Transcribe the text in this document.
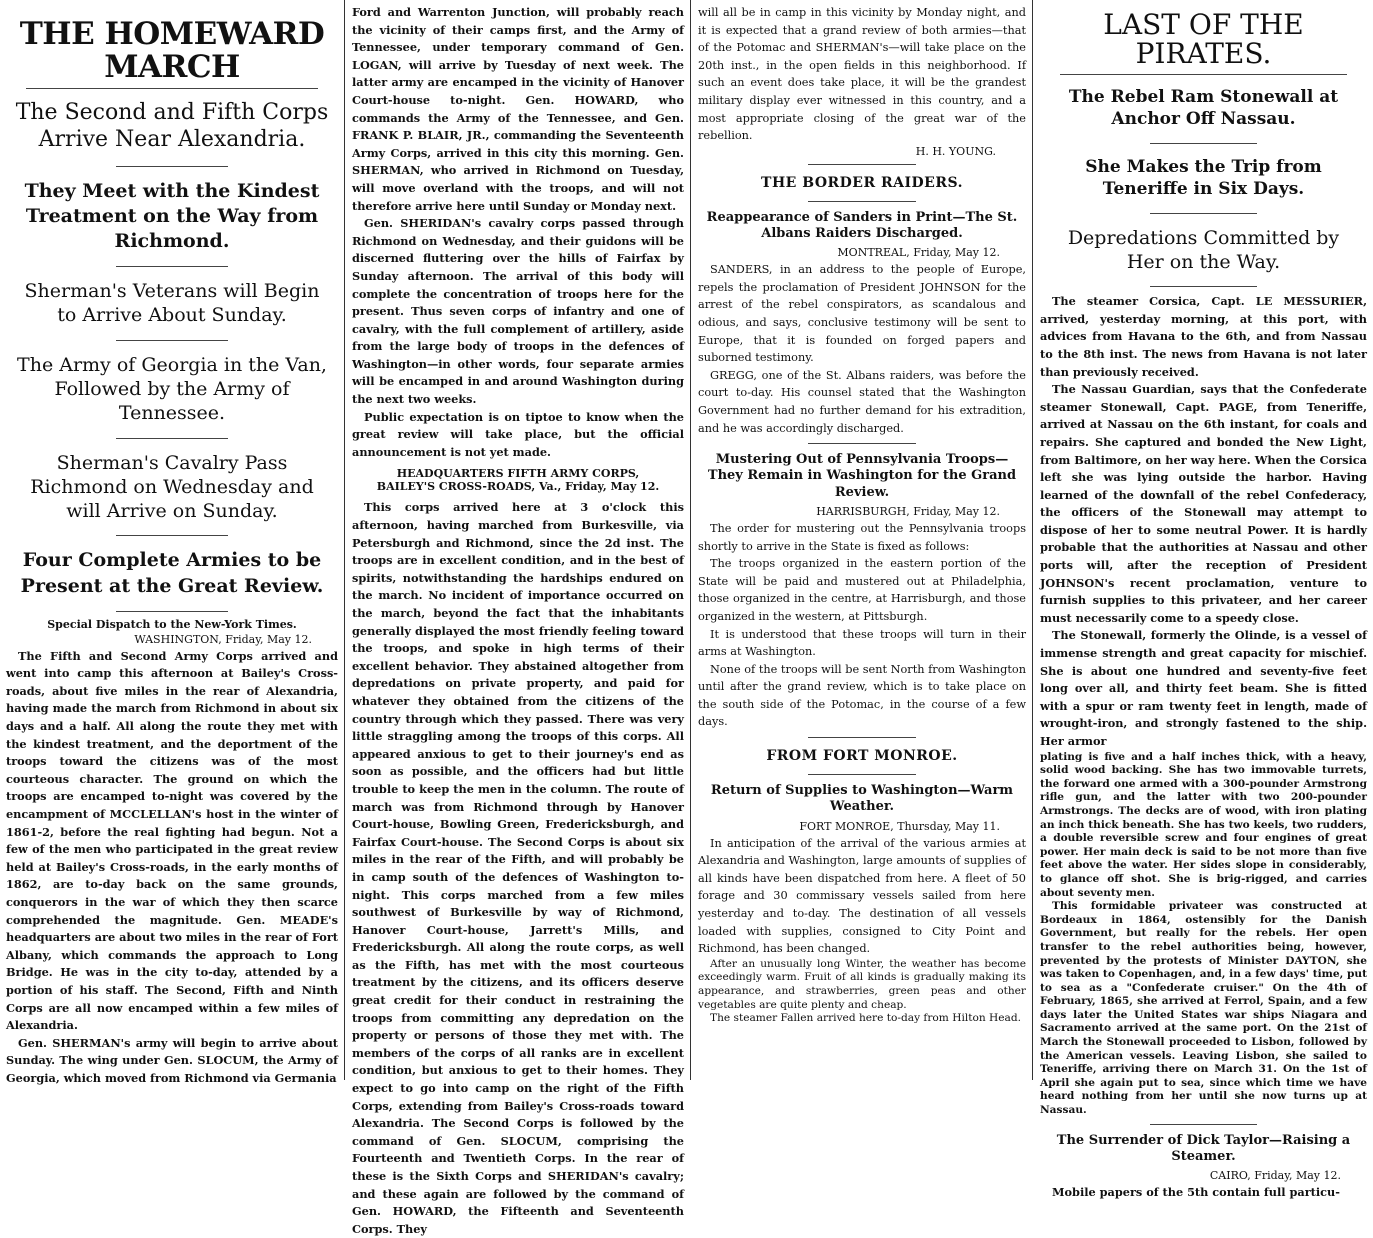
THE HOMEWARD MARCH
The Second and Fifth Corps Arrive Near Alexandria.
They Meet with the Kindest Treatment on the Way from Richmond.
Sherman's Veterans will Begin to Arrive About Sunday.
The Army of Georgia in the Van, Followed by the Army of Tennessee.
Sherman's Cavalry Pass Richmond on Wednesday and will Arrive on Sunday.
Four Complete Armies to be Present at the Great Review.
Special Dispatch to the New-York Times.
WASHINGTON, Friday, May 12.

The Fifth and Second Army Corps arrived and went into camp this afternoon at Bailey's Cross-roads, about five miles in the rear of Alexandria, having made the march from Richmond in about six days and a half. All along the route they met with the kindest treatment, and the deportment of the troops toward the citizens was of the most courteous character. The ground on which the troops are encamped to-night was covered by the encampment of MCCLELLAN's host in the winter of 1861-2, before the real fighting had begun. Not a few of the men who participated in the great review held at Bailey's Cross-roads, in the early months of 1862, are to-day back on the same grounds, conquerors in the war of which they then scarce comprehended the magnitude. Gen. MEADE's headquarters are about two miles in the rear of Fort Albany, which commands the approach to Long Bridge. He was in the city to-day, attended by a portion of his staff. The Second, Fifth and Ninth Corps are all now encamped within a few miles of Alexandria.

Gen. SHERMAN's army will begin to arrive about Sunday. The wing under Gen. SLOCUM, the Army of Georgia, which moved from Richmond via Germania

Ford and Warrenton Junction, will probably reach the vicinity of their camps first, and the Army of Tennessee, under temporary command of Gen. LOGAN, will arrive by Tuesday of next week. The latter army are encamped in the vicinity of Hanover Court-house to-night. Gen. HOWARD, who commands the Army of the Tennessee, and Gen. FRANK P. BLAIR, JR., commanding the Seventeenth Army Corps, arrived in this city this morning. Gen. SHERMAN, who arrived in Richmond on Tuesday, will move overland with the troops, and will not therefore arrive here until Sunday or Monday next.

Gen. SHERIDAN's cavalry corps passed through Richmond on Wednesday, and their guidons will be discerned fluttering over the hills of Fairfax by Sunday afternoon. The arrival of this body will complete the concentration of troops here for the present. Thus seven corps of infantry and one of cavalry, with the full complement of artillery, aside from the large body of troops in the defences of Washington—in other words, four separate armies will be encamped in and around Washington during the next two weeks.

Public expectation is on tiptoe to know when the great review will take place, but the official announcement is not yet made.

HEADQUARTERS FIFTH ARMY CORPS, BAILEY'S CROSS-ROADS, Va., Friday, May 12.

This corps arrived here at 3 o'clock this afternoon, having marched from Burkesville, via Petersburgh and Richmond, since the 2d inst. The troops are in excellent condition, and in the best of spirits, notwithstanding the hardships endured on the march. No incident of importance occurred on the march, beyond the fact that the inhabitants generally displayed the most friendly feeling toward the troops, and spoke in high terms of their excellent behavior. They abstained altogether from depredations on private property, and paid for whatever they obtained from the citizens of the country through which they passed. There was very little straggling among the troops of this corps. All appeared anxious to get to their journey's end as soon as possible, and the officers had but little trouble to keep the men in the column. The route of march was from Richmond through by Hanover Court-house, Bowling Green, Fredericksburgh, and Fairfax Court-house. The Second Corps is about six miles in the rear of the Fifth, and will probably be in camp south of the defences of Washington to-night. This corps marched from a few miles southwest of Burkesville by way of Richmond, Hanover Court-house, Jarrett's Mills, and Fredericksburgh. All along the route corps, as well as the Fifth, has met with the most courteous treatment by the citizens, and its officers deserve great credit for their conduct in restraining the troops from committing any depredation on the property or persons of those they met with. The members of the corps of all ranks are in excellent condition, but anxious to get to their homes. They expect to go into camp on the right of the Fifth Corps, extending from Bailey's Cross-roads toward Alexandria. The Second Corps is followed by the command of Gen. SLOCUM, comprising the Fourteenth and Twentieth Corps. In the rear of these is the Sixth Corps and SHERIDAN's cavalry; and these again are followed by the command of Gen. HOWARD, the Fifteenth and Seventeenth Corps. They

will all be in camp in this vicinity by Monday night, and it is expected that a grand review of both armies—that of the Potomac and SHERMAN's—will take place on the 20th inst., in the open fields in this neighborhood. If such an event does take place, it will be the grandest military display ever witnessed in this country, and a most appropriate closing of the great war of the rebellion.

H. H. YOUNG.
THE BORDER RAIDERS.
Reappearance of Sanders in Print—The St. Albans Raiders Discharged.
MONTREAL, Friday, May 12.

SANDERS, in an address to the people of Europe, repels the proclamation of President JOHNSON for the arrest of the rebel conspirators, as scandalous and odious, and says, conclusive testimony will be sent to Europe, that it is founded on forged papers and suborned testimony.

GREGG, one of the St. Albans raiders, was before the court to-day. His counsel stated that the Washington Government had no further demand for his extradition, and he was accordingly discharged.

Mustering Out of Pennsylvania Troops—They Remain in Washington for the Grand Review.
HARRISBURGH, Friday, May 12.

The order for mustering out the Pennsylvania troops shortly to arrive in the State is fixed as follows:

The troops organized in the eastern portion of the State will be paid and mustered out at Philadelphia, those organized in the centre, at Harrisburgh, and those organized in the western, at Pittsburgh.

It is understood that these troops will turn in their arms at Washington.

None of the troops will be sent North from Washington until after the grand review, which is to take place on the south side of the Potomac, in the course of a few days.

FROM FORT MONROE.
Return of Supplies to Washington—Warm Weather.
FORT MONROE, Thursday, May 11.

In anticipation of the arrival of the various armies at Alexandria and Washington, large amounts of supplies of all kinds have been dispatched from here. A fleet of 50 forage and 30 commissary vessels sailed from here yesterday and to-day. The destination of all vessels loaded with supplies, consigned to City Point and Richmond, has been changed.

After an unusually long Winter, the weather has become exceedingly warm. Fruit of all kinds is gradually making its appearance, and strawberries, green peas and other vegetables are quite plenty and cheap.

The steamer Fallen arrived here to-day from Hilton Head.

LAST OF THE PIRATES.
The Rebel Ram Stonewall at Anchor Off Nassau.
She Makes the Trip from Teneriffe in Six Days.
Depredations Committed by Her on the Way.

The steamer Corsica, Capt. LE MESSURIER, arrived, yesterday morning, at this port, with advices from Havana to the 6th, and from Nassau to the 8th inst. The news from Havana is not later than previously received.

The Nassau Guardian, says that the Confederate steamer Stonewall, Capt. PAGE, from Teneriffe, arrived at Nassau on the 6th instant, for coals and repairs. She captured and bonded the New Light, from Baltimore, on her way here. When the Corsica left she was lying outside the harbor. Having learned of the downfall of the rebel Confederacy, the officers of the Stonewall may attempt to dispose of her to some neutral Power. It is hardly probable that the authorities at Nassau and other ports will, after the reception of President JOHNSON's recent proclamation, venture to furnish supplies to this privateer, and her career must necessarily come to a speedy close.

The Stonewall, formerly the Olinde, is a vessel of immense strength and great capacity for mischief. She is about one hundred and seventy-five feet long over all, and thirty feet beam. She is fitted with a spur or ram twenty feet in length, made of wrought-iron, and strongly fastened to the ship. Her armor

plating is five and a half inches thick, with a heavy, solid wood backing. She has two immovable turrets, the forward one armed with a 300-pounder Armstrong rifle gun, and the latter with two 200-pounder Armstrongs. The decks are of wood, with iron plating an inch thick beneath. She has two keels, two rudders, a double reversible screw and four engines of great power. Her main deck is said to be not more than five feet above the water. Her sides slope in considerably, to glance off shot. She is brig-rigged, and carries about seventy men.

This formidable privateer was constructed at Bordeaux in 1864, ostensibly for the Danish Government, but really for the rebels. Her open transfer to the rebel authorities being, however, prevented by the protests of Minister DAYTON, she was taken to Copenhagen, and, in a few days' time, put to sea as a "Confederate cruiser." On the 4th of February, 1865, she arrived at Ferrol, Spain, and a few days later the United States war ships Niagara and Sacramento arrived at the same port. On the 21st of March the Stonewall proceeded to Lisbon, followed by the American vessels. Leaving Lisbon, she sailed to Teneriffe, arriving there on March 31. On the 1st of April she again put to sea, since which time we have heard nothing from her until she now turns up at Nassau.

The Surrender of Dick Taylor—Raising a Steamer.
CAIRO, Friday, May 12.

Mobile papers of the 5th contain full particu-
